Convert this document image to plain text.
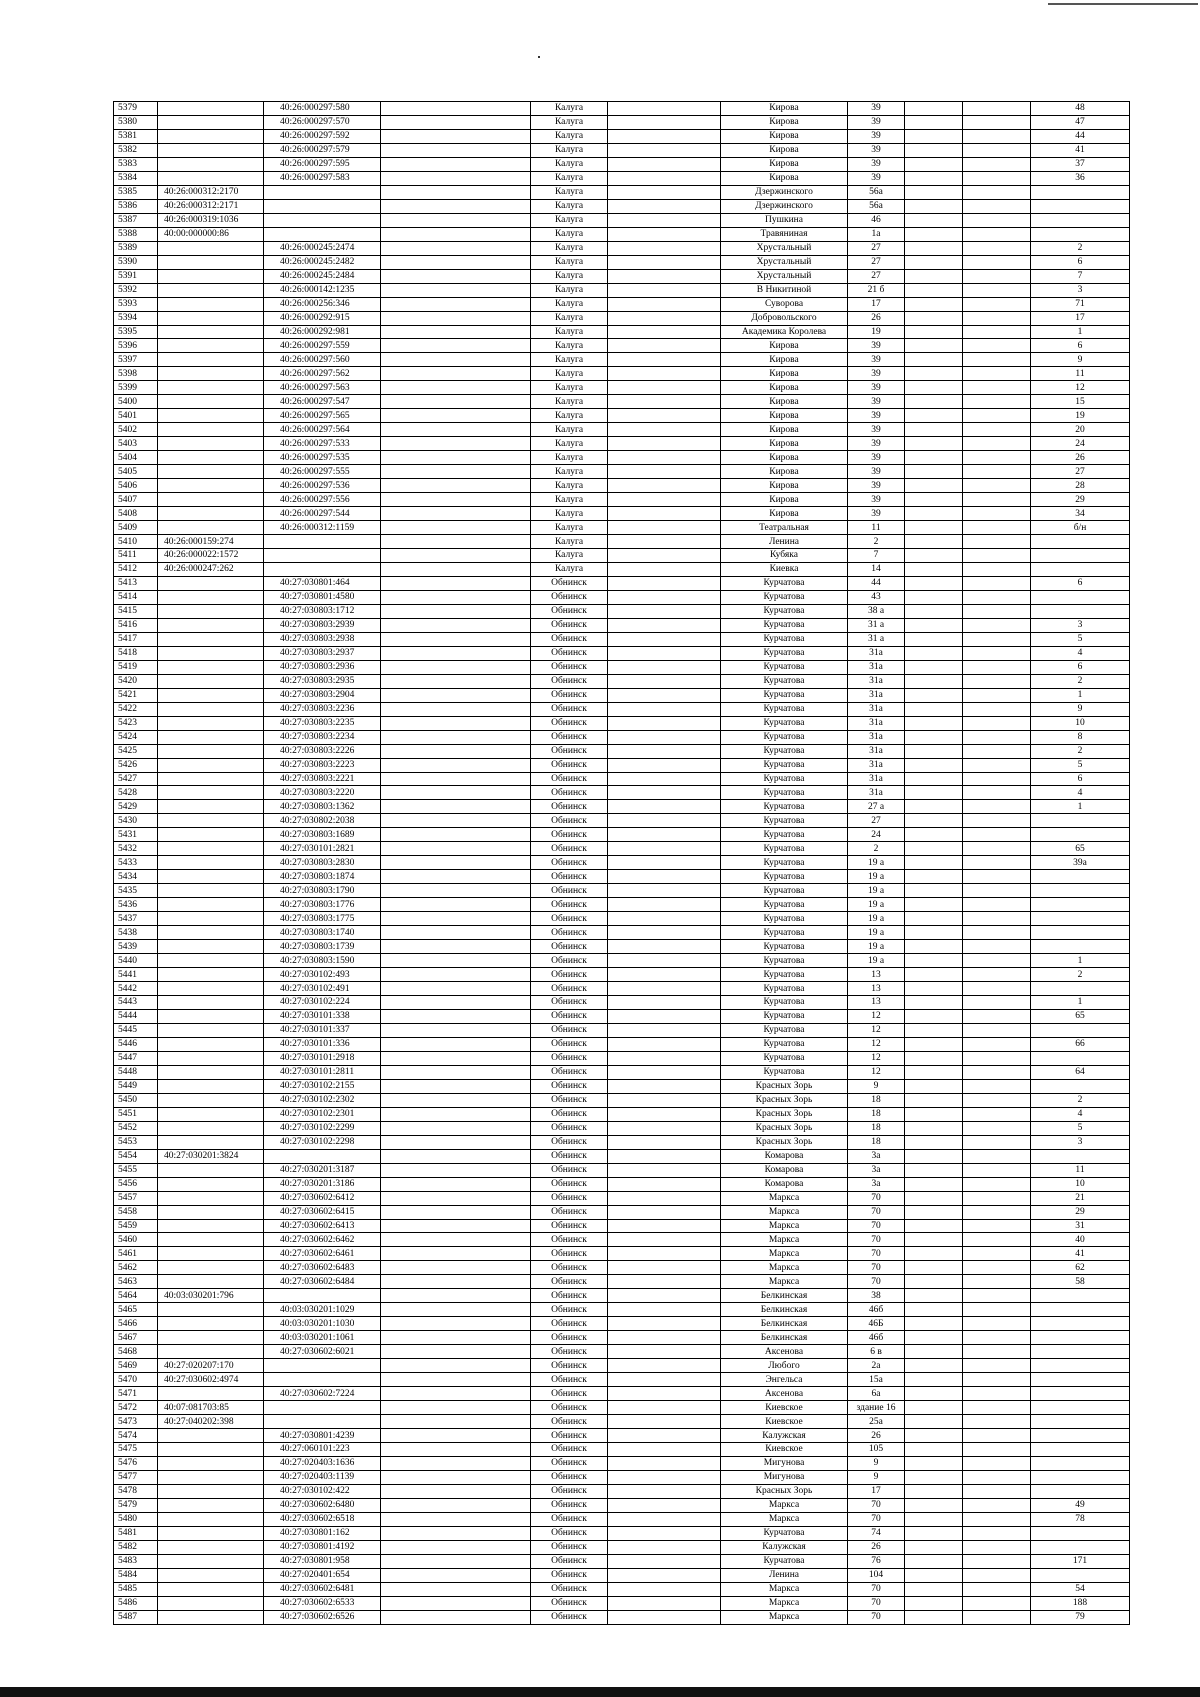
5379		40:26:000297:580		Калуга		Кирова	39			48
5380		40:26:000297:570		Калуга		Кирова	39			47
5381		40:26:000297:592		Калуга		Кирова	39			44
5382		40:26:000297:579		Калуга		Кирова	39			41
5383		40:26:000297:595		Калуга		Кирова	39			37
5384		40:26:000297:583		Калуга		Кирова	39			36
5385	40:26:000312:2170			Калуга		Дзержинского	56а			
5386	40:26:000312:2171			Калуга		Дзержинского	56а			
5387	40:26:000319:1036			Калуга		Пушкина	46			
5388	40:00:000000:86			Калуга		Травяниная	1а			
5389		40:26:000245:2474		Калуга		Хрустальный	27			2
5390		40:26:000245:2482		Калуга		Хрустальный	27			6
5391		40:26:000245:2484		Калуга		Хрустальный	27			7
5392		40:26:000142:1235		Калуга		В Никитиной	21 б			3
5393		40:26:000256:346		Калуга		Суворова	17			71
5394		40:26:000292:915		Калуга		Добровольского	26			17
5395		40:26:000292:981		Калуга		Академика Королева	19			1
5396		40:26:000297:559		Калуга		Кирова	39			6
5397		40:26:000297:560		Калуга		Кирова	39			9
5398		40:26:000297:562		Калуга		Кирова	39			11
5399		40:26:000297:563		Калуга		Кирова	39			12
5400		40:26:000297:547		Калуга		Кирова	39			15
5401		40:26:000297:565		Калуга		Кирова	39			19
5402		40:26:000297:564		Калуга		Кирова	39			20
5403		40:26:000297:533		Калуга		Кирова	39			24
5404		40:26:000297:535		Калуга		Кирова	39			26
5405		40:26:000297:555		Калуга		Кирова	39			27
5406		40:26:000297:536		Калуга		Кирова	39			28
5407		40:26:000297:556		Калуга		Кирова	39			29
5408		40:26:000297:544		Калуга		Кирова	39			34
5409		40:26:000312:1159		Калуга		Театральная	11			б/н
5410	40:26:000159:274			Калуга		Ленина	2			
5411	40:26:000022:1572			Калуга		Кубяка	7			
5412	40:26:000247:262			Калуга		Киевка	14			
5413		40:27:030801:464		Обнинск		Курчатова	44			6
5414		40:27:030801:4580		Обнинск		Курчатова	43			
5415		40:27:030803:1712		Обнинск		Курчатова	38 а			
5416		40:27:030803:2939		Обнинск		Курчатова	31 а			3
5417		40:27:030803:2938		Обнинск		Курчатова	31 а			5
5418		40:27:030803:2937		Обнинск		Курчатова	31а			4
5419		40:27:030803:2936		Обнинск		Курчатова	31а			6
5420		40:27:030803:2935		Обнинск		Курчатова	31а			2
5421		40:27:030803:2904		Обнинск		Курчатова	31а			1
5422		40:27:030803:2236		Обнинск		Курчатова	31а			9
5423		40:27:030803:2235		Обнинск		Курчатова	31а			10
5424		40:27:030803:2234		Обнинск		Курчатова	31а			8
5425		40:27:030803:2226		Обнинск		Курчатова	31а			2
5426		40:27:030803:2223		Обнинск		Курчатова	31а			5
5427		40:27:030803:2221		Обнинск		Курчатова	31а			6
5428		40:27:030803:2220		Обнинск		Курчатова	31а			4
5429		40:27:030803:1362		Обнинск		Курчатова	27 а			1
5430		40:27:030802:2038		Обнинск		Курчатова	27			
5431		40:27:030803:1689		Обнинск		Курчатова	24			
5432		40:27:030101:2821		Обнинск		Курчатова	2			65
5433		40:27:030803:2830		Обнинск		Курчатова	19 а			39а
5434		40:27:030803:1874		Обнинск		Курчатова	19 а			
5435		40:27:030803:1790		Обнинск		Курчатова	19 а			
5436		40:27:030803:1776		Обнинск		Курчатова	19 а			
5437		40:27:030803:1775		Обнинск		Курчатова	19 а			
5438		40:27:030803:1740		Обнинск		Курчатова	19 а			
5439		40:27:030803:1739		Обнинск		Курчатова	19 а			
5440		40:27:030803:1590		Обнинск		Курчатова	19 а			1
5441		40:27:030102:493		Обнинск		Курчатова	13			2
5442		40:27:030102:491		Обнинск		Курчатова	13			
5443		40:27:030102:224		Обнинск		Курчатова	13			1
5444		40:27:030101:338		Обнинск		Курчатова	12			65
5445		40:27:030101:337		Обнинск		Курчатова	12			
5446		40:27:030101:336		Обнинск		Курчатова	12			66
5447		40:27:030101:2918		Обнинск		Курчатова	12			
5448		40:27:030101:2811		Обнинск		Курчатова	12			64
5449		40:27:030102:2155		Обнинск		Красных Зорь	9			
5450		40:27:030102:2302		Обнинск		Красных Зорь	18			2
5451		40:27:030102:2301		Обнинск		Красных Зорь	18			4
5452		40:27:030102:2299		Обнинск		Красных Зорь	18			5
5453		40:27:030102:2298		Обнинск		Красных Зорь	18			3
5454	40:27:030201:3824			Обнинск		Комарова	3а			
5455		40:27:030201:3187		Обнинск		Комарова	3а			11
5456		40:27:030201:3186		Обнинск		Комарова	3а			10
5457		40:27:030602:6412		Обнинск		Маркса	70			21
5458		40:27:030602:6415		Обнинск		Маркса	70			29
5459		40:27:030602:6413		Обнинск		Маркса	70			31
5460		40:27:030602:6462		Обнинск		Маркса	70			40
5461		40:27:030602:6461		Обнинск		Маркса	70			41
5462		40:27:030602:6483		Обнинск		Маркса	70			62
5463		40:27:030602:6484		Обнинск		Маркса	70			58
5464	40:03:030201:796			Обнинск		Белкинская	38			
5465		40:03:030201:1029		Обнинск		Белкинская	46б			
5466		40:03:030201:1030		Обнинск		Белкинская	46Б			
5467		40:03:030201:1061		Обнинск		Белкинская	46б			
5468		40:27:030602:6021		Обнинск		Аксенова	6 в			
5469	40:27:020207:170			Обнинск		Любого	2а			
5470	40:27:030602:4974			Обнинск		Энгельса	15а			
5471		40:27:030602:7224		Обнинск		Аксенова	6а			
5472	40:07:081703:85			Обнинск		Киевское	здание 16			
5473	40:27:040202:398			Обнинск		Киевское	25а			
5474		40:27:030801:4239		Обнинск		Калужская	26			
5475		40:27:060101:223		Обнинск		Киевское	105			
5476		40:27:020403:1636		Обнинск		Мигунова	9			
5477		40:27:020403:1139		Обнинск		Мигунова	9			
5478		40:27:030102:422		Обнинск		Красных Зорь	17			
5479		40:27:030602:6480		Обнинск		Маркса	70			49
5480		40:27:030602:6518		Обнинск		Маркса	70			78
5481		40:27:030801:162		Обнинск		Курчатова	74			
5482		40:27:030801:4192		Обнинск		Калужская	26			
5483		40:27:030801:958		Обнинск		Курчатова	76			171
5484		40:27:020401:654		Обнинск		Ленина	104			
5485		40:27:030602:6481		Обнинск		Маркса	70			54
5486		40:27:030602:6533		Обнинск		Маркса	70			188
5487		40:27:030602:6526		Обнинск		Маркса	70			79
